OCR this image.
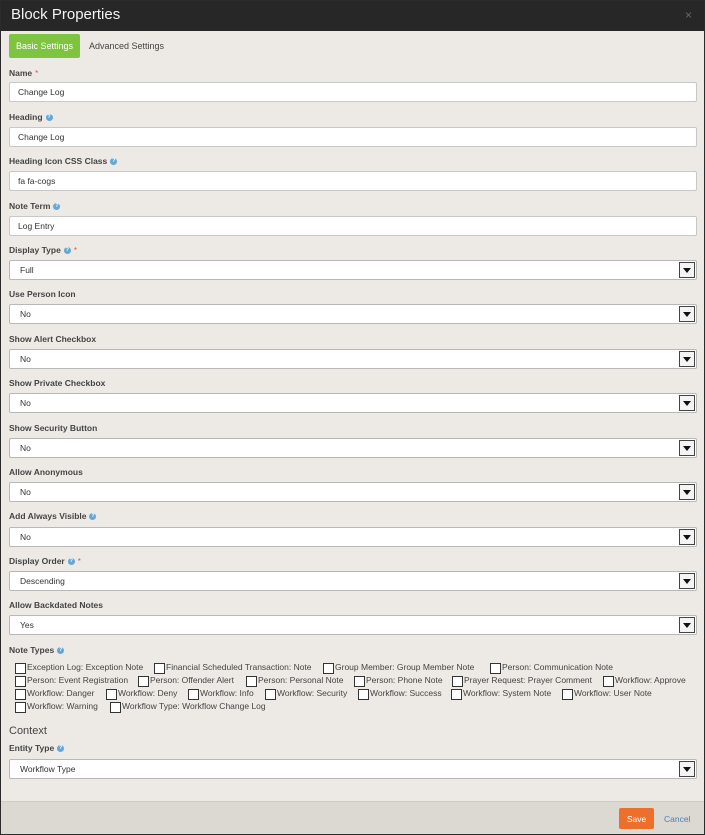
Block Properties	×
Basic Settings	Advanced Settings
Name *
Change Log
Heading ?
Change Log
Heading Icon CSS Class ?
fa fa-cogs
Note Term ?
Log Entry
Display Type ? *
Full
Use Person Icon
No
Show Alert Checkbox
No
Show Private Checkbox
No
Show Security Button
No
Allow Anonymous
No
Add Always Visible ?
No
Display Order ? *
Descending
Allow Backdated Notes
Yes
Note Types ?
Exception Log: Exception Note	Financial Scheduled Transaction: Note	Group Member: Group Member Note	Person: Communication Note
Person: Event Registration	Person: Offender Alert	Person: Personal Note	Person: Phone Note	Prayer Request: Prayer Comment	Workflow: Approve
Workflow: Danger	Workflow: Deny	Workflow: Info	Workflow: Security	Workflow: Success	Workflow: System Note	Workflow: User Note
Workflow: Warning	Workflow Type: Workflow Change Log
Context
Entity Type ?
Workflow Type
Save	Cancel
